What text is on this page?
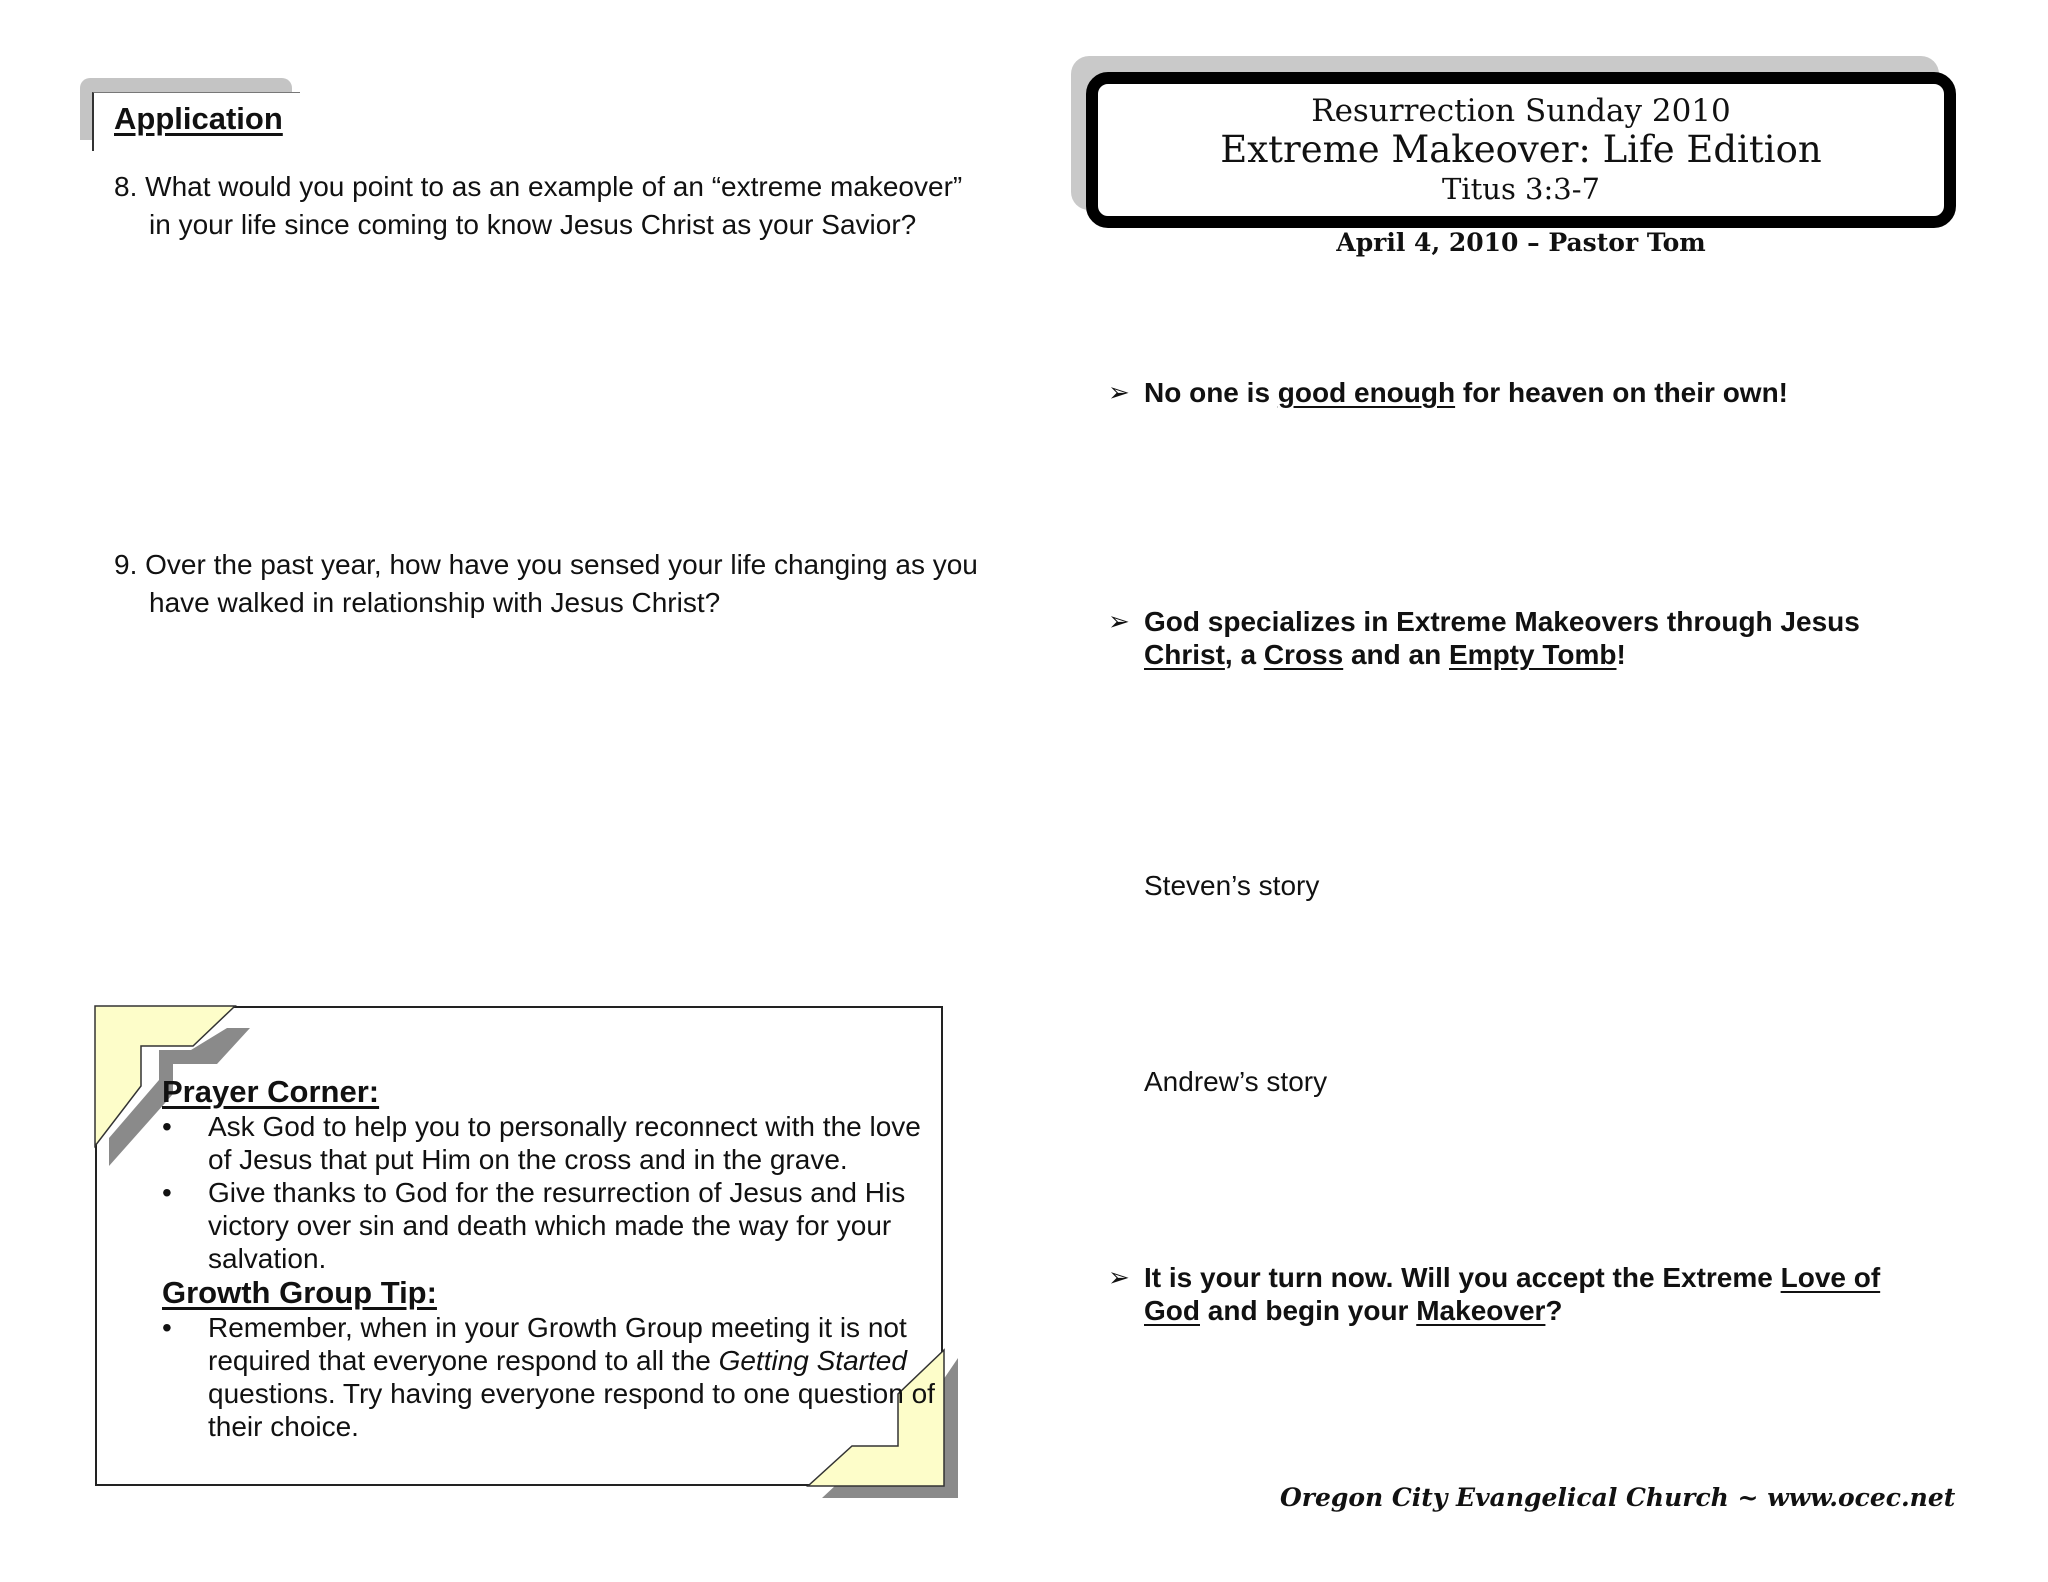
Application
8. What would you point to as an example of an “extreme makeover” in your life since coming to know Jesus Christ as your Savior?
9. Over the past year, how have you sensed your life changing as you have walked in relationship with Jesus Christ?
Prayer Corner:
• Ask God to help you to personally reconnect with the love of Jesus that put Him on the cross and in the grave.
• Give thanks to God for the resurrection of Jesus and His victory over sin and death which made the way for your salvation.
Growth Group Tip:
• Remember, when in your Growth Group meeting it is not required that everyone respond to all the Getting Started questions. Try having everyone respond to one question of their choice.
Resurrection Sunday 2010
Extreme Makeover: Life Edition
Titus 3:3-7
April 4, 2010 – Pastor Tom
➢ No one is good enough for heaven on their own!
➢ God specializes in Extreme Makeovers through Jesus Christ, a Cross and an Empty Tomb!
Steven’s story
Andrew’s story
➢ It is your turn now. Will you accept the Extreme Love of God and begin your Makeover?
Oregon City Evangelical Church ~ www.ocec.net
